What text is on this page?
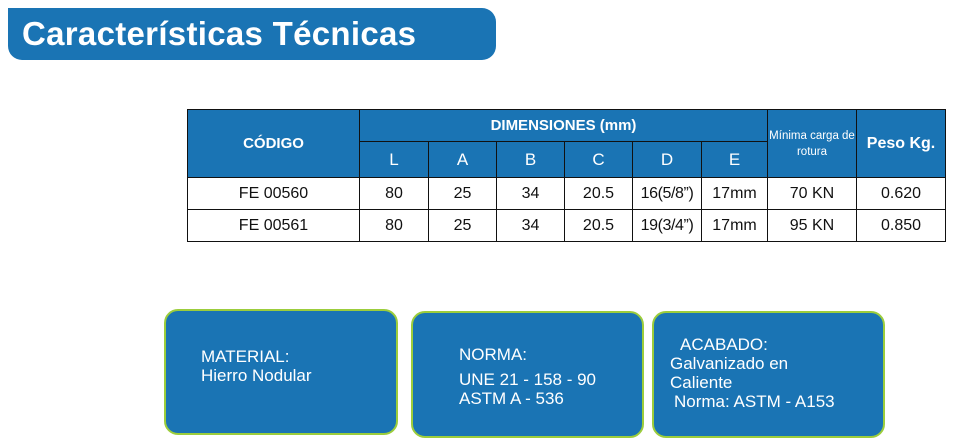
Características Técnicas
CÓDIGO	DIMENSIONES (mm)						Mínima carga de rotura	Peso Kg.
	L	A	B	C	D	E		
FE 00560	80	25	34	20.5	16(5/8”)	17mm	70 KN	0.620
FE 00561	80	25	34	20.5	19(3/4”)	17mm	95 KN	0.850
MATERIAL:
Hierro Nodular
NORMA:
UNE 21 - 158 - 90
ASTM A - 536
ACABADO:
Galvanizado en
Caliente
Norma: ASTM - A153
